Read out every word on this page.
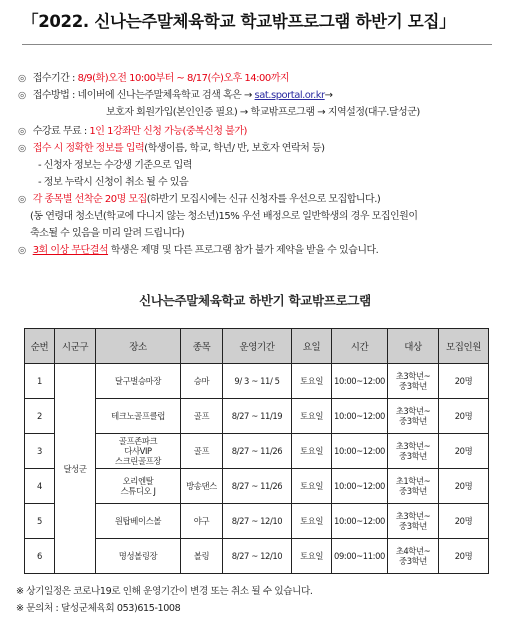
「2022. 신나는주말체육학교 학교밖프로그램 하반기 모집」
◎ 접수기간 : 8/9(화)오전 10:00부터 ~ 8/17(수)오후 14:00까지
◎ 접수방법 : 네이버에 신나는주말체육학교 검색 혹은 → sat.sportal.or.kr→
보호자 회원가입(본인인증 필요) → 학교밖프로그램 → 지역설정(대구.달성군)
◎ 수강료 무료 : 1인 1강좌만 신청 가능(중복신청 불가)
◎ 접수 시 정확한 정보를 입력(학생이름, 학교, 학년/ 반, 보호자 연락처 등)
- 신청자 정보는 수강생 기준으로 입력
- 정보 누락시 신청이 취소 될 수 있음
◎ 각 종목별 선착순 20명 모집(하반기 모집시에는 신규 신청자를 우선으로 모집합니다.)
(동 연령대 청소년(학교에 다니지 않는 청소년)15% 우선 배정으로 일반학생의 경우 모집인원이
축소될 수 있음을 미리 알려 드립니다)
◎ 3회 이상 무단결석 학생은 제명 및 다른 프로그램 참가 불가 제약을 받을 수 있습니다.
신나는주말체육학교 하반기 학교밖프로그램
순번	시군구	장소	종목	운영기간	요일	시간	대상	모집인원
1	달성군	달구벌승마장	승마	9/ 3 ~ 11/ 5	토요일	10:00~12:00	초3학년~
중3학년	20명
2		테크노골프클럽	골프	8/27 ~ 11/19	토요일	10:00~12:00	초3학년~
중3학년	20명
3		골프존파크
다사VIP
스크린골프장	골프	8/27 ~ 11/26	토요일	10:00~12:00	초3학년~
중3학년	20명
4		오리엔탈
스튜디오 J	방송댄스	8/27 ~ 11/26	토요일	10:00~12:00	초1학년~
중3학년	20명
5		원탑베이스볼	야구	8/27 ~ 12/10	토요일	10:00~12:00	초3학년~
중3학년	20명
6		명성볼링장	볼링	8/27 ~ 12/10	토요일	09:00~11:00	초4학년~
중3학년	20명
※ 상기일정은 코로나19로 인해 운영기간이 변경 또는 취소 될 수 있습니다.
※ 문의처 : 달성군체육회 053)615-1008
